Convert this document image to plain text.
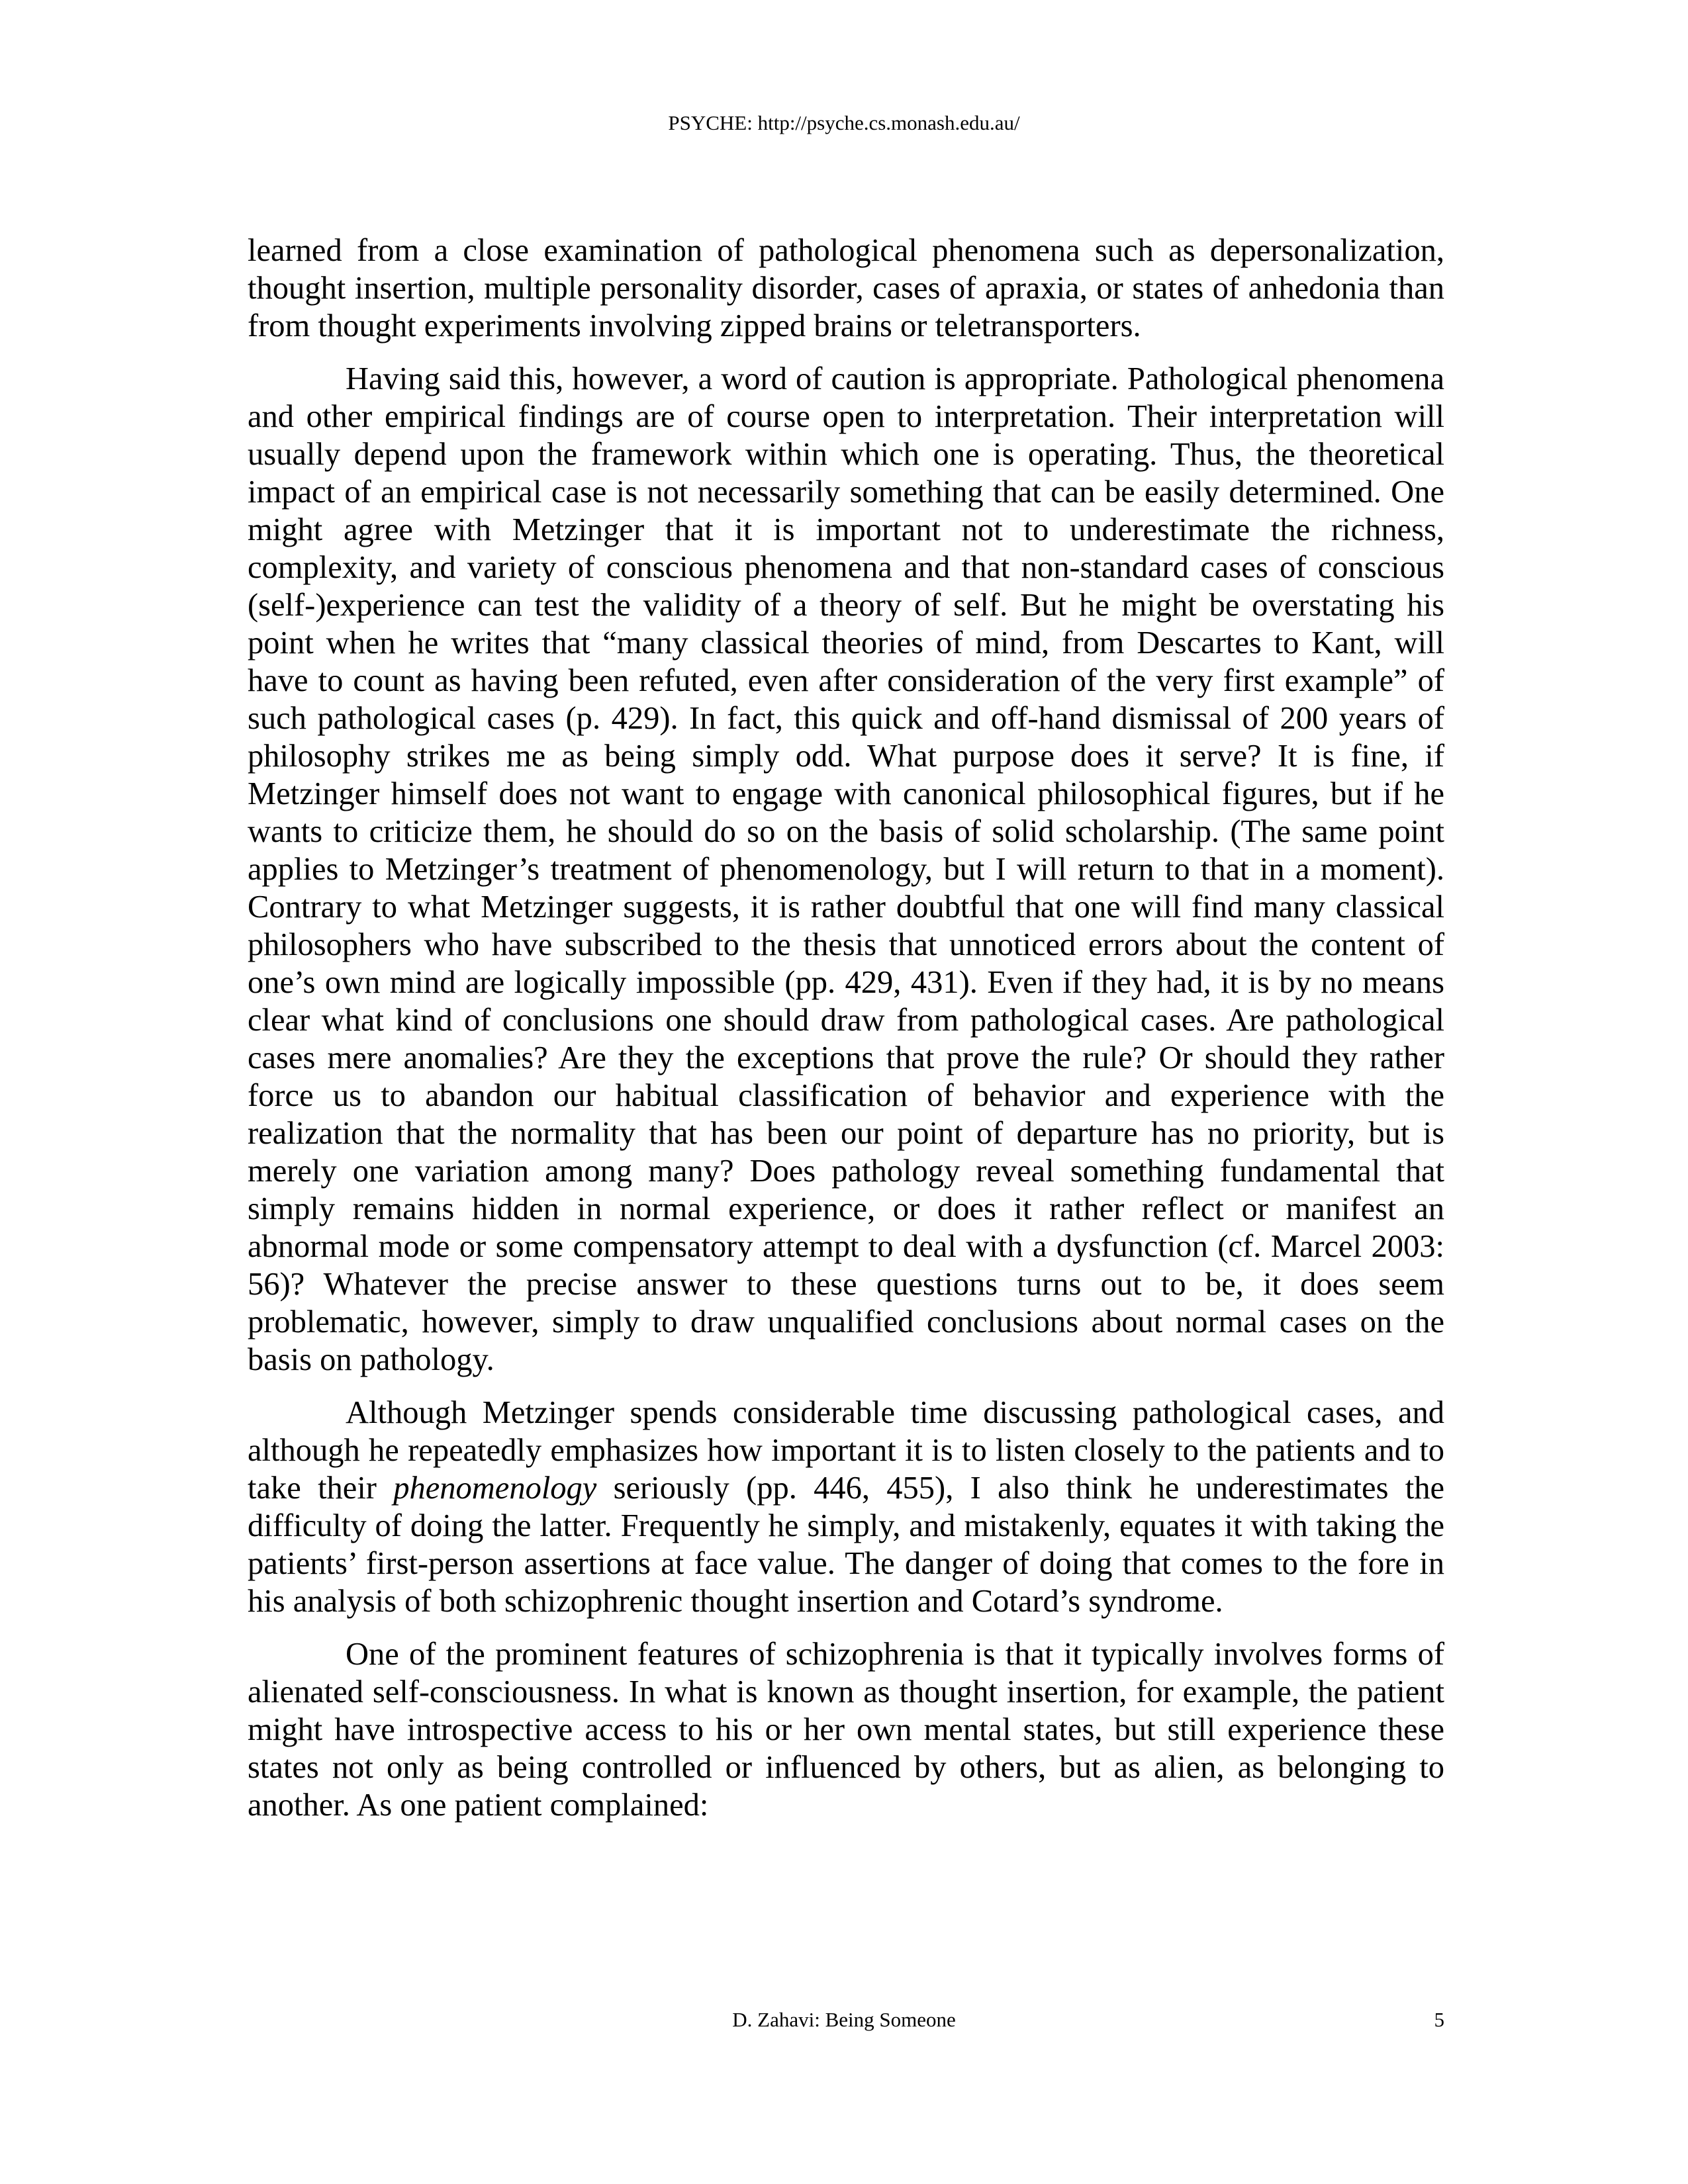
PSYCHE: http://psyche.cs.monash.edu.au/

learned from a close examination of pathological phenomena such as depersonalization, thought insertion, multiple personality disorder, cases of apraxia, or states of anhedonia than from thought experiments involving zipped brains or teletransporters.

Having said this, however, a word of caution is appropriate. Pathological phenomena and other empirical findings are of course open to interpretation. Their interpretation will usually depend upon the framework within which one is operating. Thus, the theoretical impact of an empirical case is not necessarily something that can be easily determined. One might agree with Metzinger that it is important not to underestimate the richness, complexity, and variety of conscious phenomena and that non-standard cases of conscious (self-)experience can test the validity of a theory of self. But he might be overstating his point when he writes that “many classical theories of mind, from Descartes to Kant, will have to count as having been refuted, even after consideration of the very first example” of such pathological cases (p. 429). In fact, this quick and off-hand dismissal of 200 years of philosophy strikes me as being simply odd. What purpose does it serve? It is fine, if Metzinger himself does not want to engage with canonical philosophical figures, but if he wants to criticize them, he should do so on the basis of solid scholarship. (The same point applies to Metzinger’s treatment of phenomenology, but I will return to that in a moment). Contrary to what Metzinger suggests, it is rather doubtful that one will find many classical philosophers who have subscribed to the thesis that unnoticed errors about the content of one’s own mind are logically impossible (pp. 429, 431). Even if they had, it is by no means clear what kind of conclusions one should draw from pathological cases. Are pathological cases mere anomalies? Are they the exceptions that prove the rule? Or should they rather force us to abandon our habitual classification of behavior and experience with the realization that the normality that has been our point of departure has no priority, but is merely one variation among many? Does pathology reveal something fundamental that simply remains hidden in normal experience, or does it rather reflect or manifest an abnormal mode or some compensatory attempt to deal with a dysfunction (cf. Marcel 2003: 56)? Whatever the precise answer to these questions turns out to be, it does seem problematic, however, simply to draw unqualified conclusions about normal cases on the basis on pathology.

Although Metzinger spends considerable time discussing pathological cases, and although he repeatedly emphasizes how important it is to listen closely to the patients and to take their phenomenology seriously (pp. 446, 455), I also think he underestimates the difficulty of doing the latter. Frequently he simply, and mistakenly, equates it with taking the patients’ first-person assertions at face value. The danger of doing that comes to the fore in his analysis of both schizophrenic thought insertion and Cotard’s syndrome.

One of the prominent features of schizophrenia is that it typically involves forms of alienated self-consciousness. In what is known as thought insertion, for example, the patient might have introspective access to his or her own mental states, but still experience these states not only as being controlled or influenced by others, but as alien, as belonging to another. As one patient complained:

D. Zahavi: Being Someone	5
